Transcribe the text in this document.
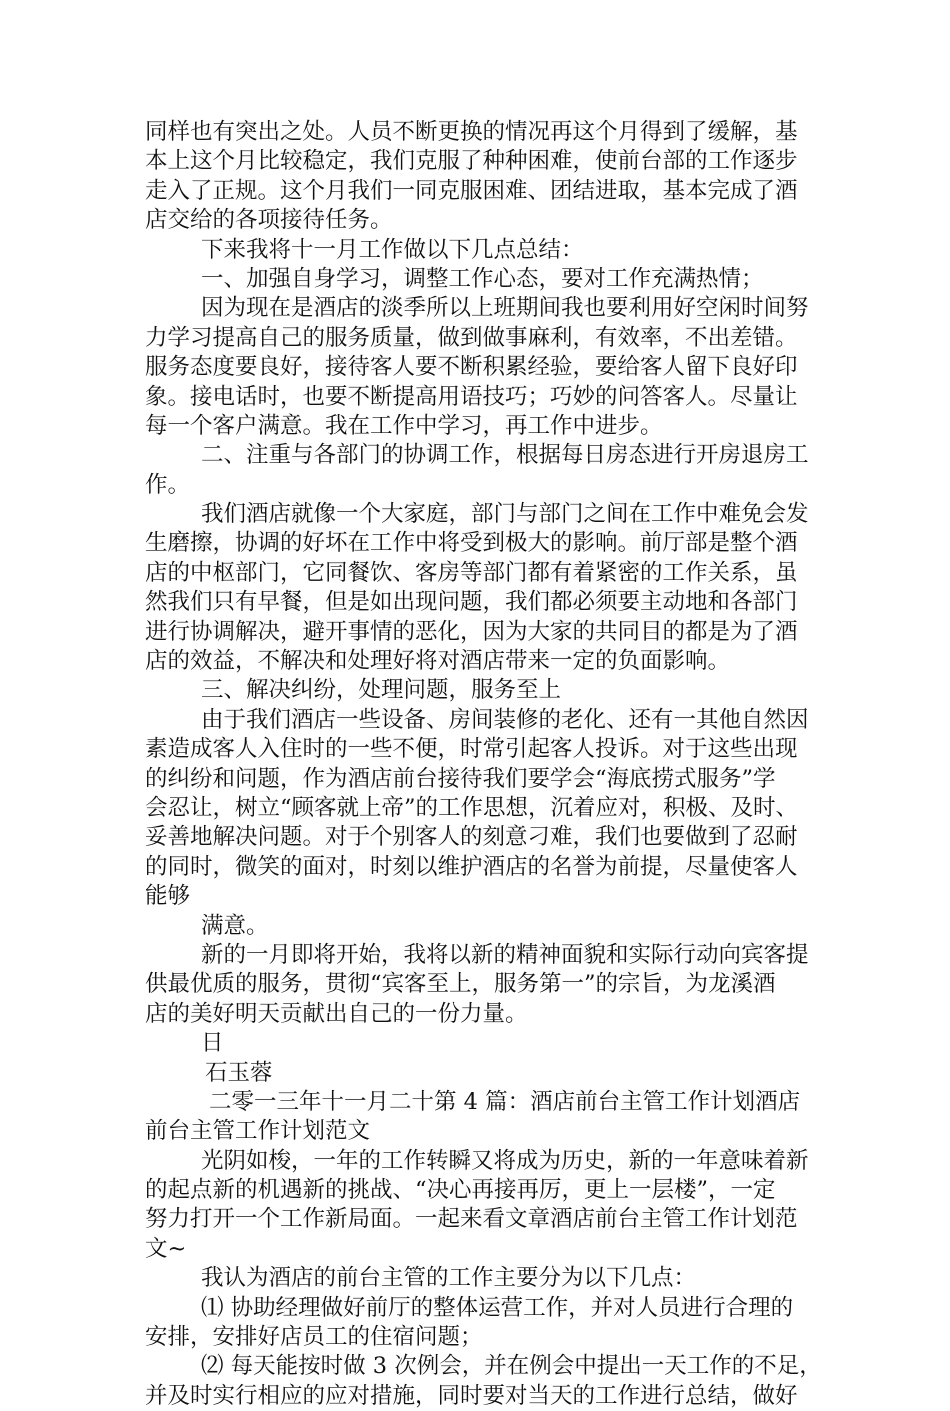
同样也有突出之处。人员不断更换的情况再这个月得到了缓解，基
本上这个月比较稳定，我们克服了种种困难，使前台部的工作逐步
走入了正规。这个月我们一同克服困难、团结进取，基本完成了酒
店交给的各项接待任务。
下来我将十一月工作做以下几点总结：
一、加强自身学习，调整工作心态，要对工作充满热情；
因为现在是酒店的淡季所以上班期间我也要利用好空闲时间努
力学习提高自己的服务质量，做到做事麻利，有效率，不出差错。
服务态度要良好，接待客人要不断积累经验，要给客人留下良好印
象。接电话时，也要不断提高用语技巧；巧妙的问答客人。尽量让
每一个客户满意。我在工作中学习，再工作中进步。
二、注重与各部门的协调工作，根据每日房态进行开房退房工
作。
我们酒店就像一个大家庭，部门与部门之间在工作中难免会发
生磨擦，协调的好坏在工作中将受到极大的影响。前厅部是整个酒
店的中枢部门，它同餐饮、客房等部门都有着紧密的工作关系，虽
然我们只有早餐，但是如出现问题，我们都必须要主动地和各部门
进行协调解决，避开事情的恶化，因为大家的共同目的都是为了酒
店的效益，不解决和处理好将对酒店带来一定的负面影响。
三、解决纠纷，处理问题，服务至上
由于我们酒店一些设备、房间装修的老化、还有一其他自然因
素造成客人入住时的一些不便，时常引起客人投诉。对于这些出现
的纠纷和问题，作为酒店前台接待我们要学会“海底捞式服务”学
会忍让，树立“顾客就上帝”的工作思想，沉着应对，积极、及时、
妥善地解决问题。对于个别客人的刻意刁难，我们也要做到了忍耐
的同时，微笑的面对，时刻以维护酒店的名誉为前提，尽量使客人
能够
满意。
新的一月即将开始，我将以新的精神面貌和实际行动向宾客提
供最优质的服务，贯彻“宾客至上，服务第一”的宗旨，为龙溪酒
店的美好明天贡献出自己的一份力量。
日
石玉蓉
二零一三年十一月二十第 4 篇：酒店前台主管工作计划酒店
前台主管工作计划范文
光阴如梭，一年的工作转瞬又将成为历史，新的一年意味着新
的起点新的机遇新的挑战、“决心再接再厉，更上一层楼”，一定
努力打开一个工作新局面。一起来看文章酒店前台主管工作计划范
文~
我认为酒店的前台主管的工作主要分为以下几点：
⑴ 协助经理做好前厅的整体运营工作，并对人员进行合理的
安排，安排好店员工的住宿问题；
⑵ 每天能按时做 3 次例会，并在例会中提出一天工作的不足，
并及时实行相应的应对措施，同时要对当天的工作进行总结，做好
